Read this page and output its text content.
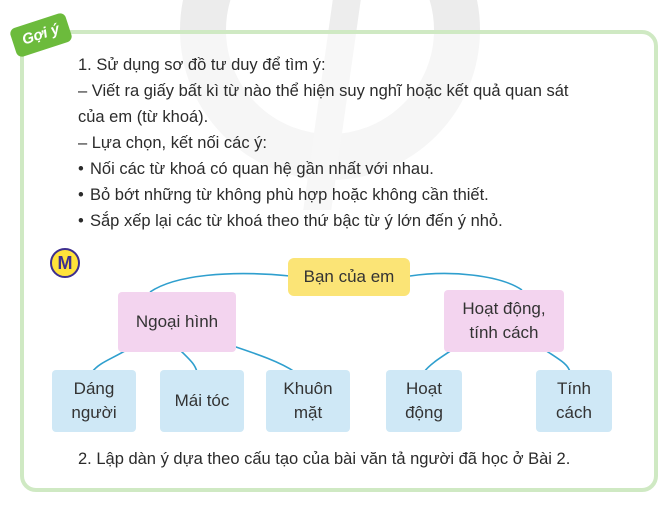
Gợi ý

1. Sử dụng sơ đồ tư duy để tìm ý:

– Viết ra giấy bất kì từ nào thể hiện suy nghĩ hoặc kết quả quan sát

của em (từ khoá).

– Lựa chọn, kết nối các ý:

• Nối các từ khoá có quan hệ gần nhất với nhau.

• Bỏ bớt những từ không phù hợp hoặc không cần thiết.

• Sắp xếp lại các từ khoá theo thứ bậc từ ý lớn đến ý nhỏ.

M
Bạn của em
Ngoại hình
Hoạt động,
tính cách
Dáng
người
Mái tóc
Khuôn
mặt
Hoạt
động
Tính
cách
2. Lập dàn ý dựa theo cấu tạo của bài văn tả người đã học ở Bài 2.
